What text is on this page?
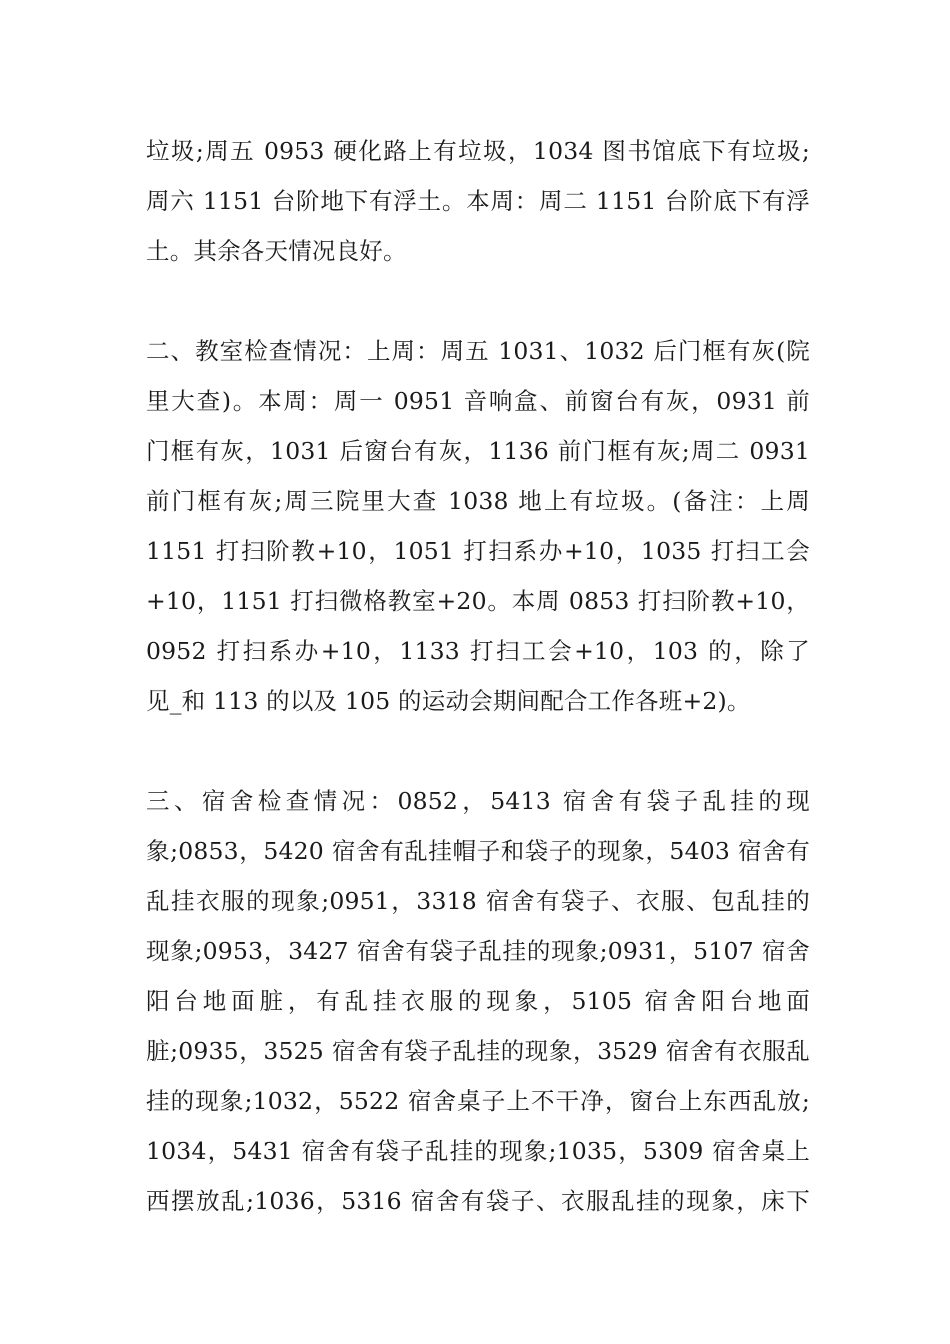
垃圾;周五 0953 硬化路上有垃圾，1034 图书馆底下有垃圾;
周六 1151 台阶地下有浮土。本周：周二 1151 台阶底下有浮
土。其余各天情况良好。
二、教室检查情况：上周：周五 1031、1032 后门框有灰(院
里大查)。本周：周一 0951 音响盒、前窗台有灰，0931 前
门框有灰，1031 后窗台有灰，1136 前门框有灰;周二 0931
前门框有灰;周三院里大查 1038 地上有垃圾。(备注：上周
1151 打扫阶教+10，1051 打扫系办+10，1035 打扫工会
+10，1151 打扫微格教室+20。本周 0853 打扫阶教+10，
0952 打扫系办+10，1133 打扫工会+10，103 的，除了
见_和 113 的以及 105 的运动会期间配合工作各班+2)。
三、宿舍检查情况：0852，5413 宿舍有袋子乱挂的现
象;0853，5420 宿舍有乱挂帽子和袋子的现象，5403 宿舍有
乱挂衣服的现象;0951，3318 宿舍有袋子、衣服、包乱挂的
现象;0953，3427 宿舍有袋子乱挂的现象;0931，5107 宿舍
阳台地面脏，有乱挂衣服的现象，5105 宿舍阳台地面
脏;0935，3525 宿舍有袋子乱挂的现象，3529 宿舍有衣服乱
挂的现象;1032，5522 宿舍桌子上不干净，窗台上东西乱放;
1034，5431 宿舍有袋子乱挂的现象;1035，5309 宿舍桌上
西摆放乱;1036，5316 宿舍有袋子、衣服乱挂的现象，床下
